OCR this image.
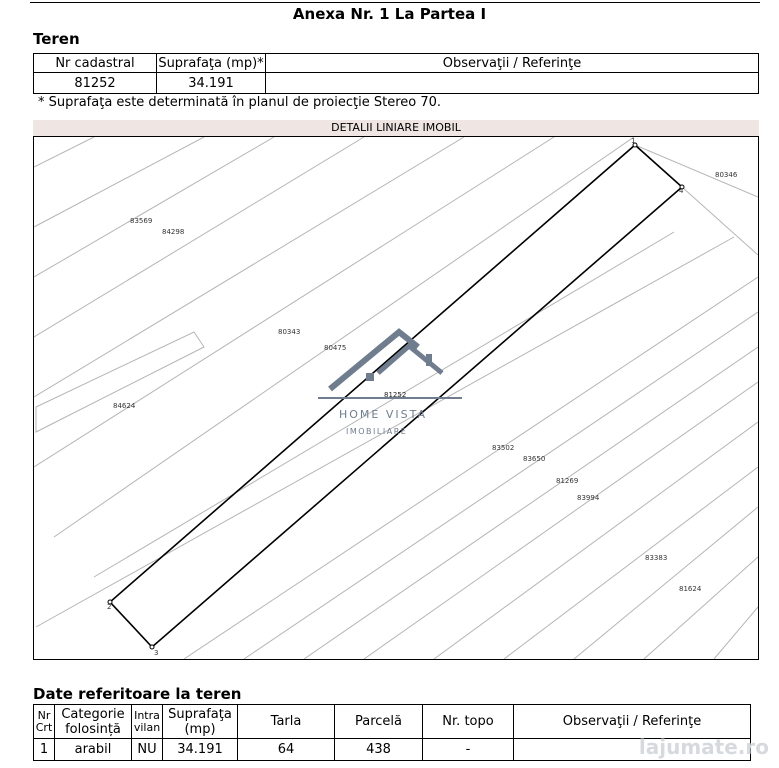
Anexa Nr. 1 La Partea I
Teren
Nr cadastral	Suprafaţa (mp)*	Observaţii / Referinţe
81252	34.191	
* Suprafaţa este determinată în planul de proiecţie Stereo 70.
DETALII LINIARE IMOBIL
1
2
3
4
83569
84298
80343
80475
84624
80346
83502
83650
81269
83994
83383
81624
81252
HOME VISTA
IMOBILIARE
Date referitoare la teren
Nr Crt	Categorie folosință	Intra vilan	Suprafaţa (mp)	Tarla	Parcelă	Nr. topo	Observaţii / Referinţe
1	arabil	NU	34.191	64	438	-		lajumate.ro
